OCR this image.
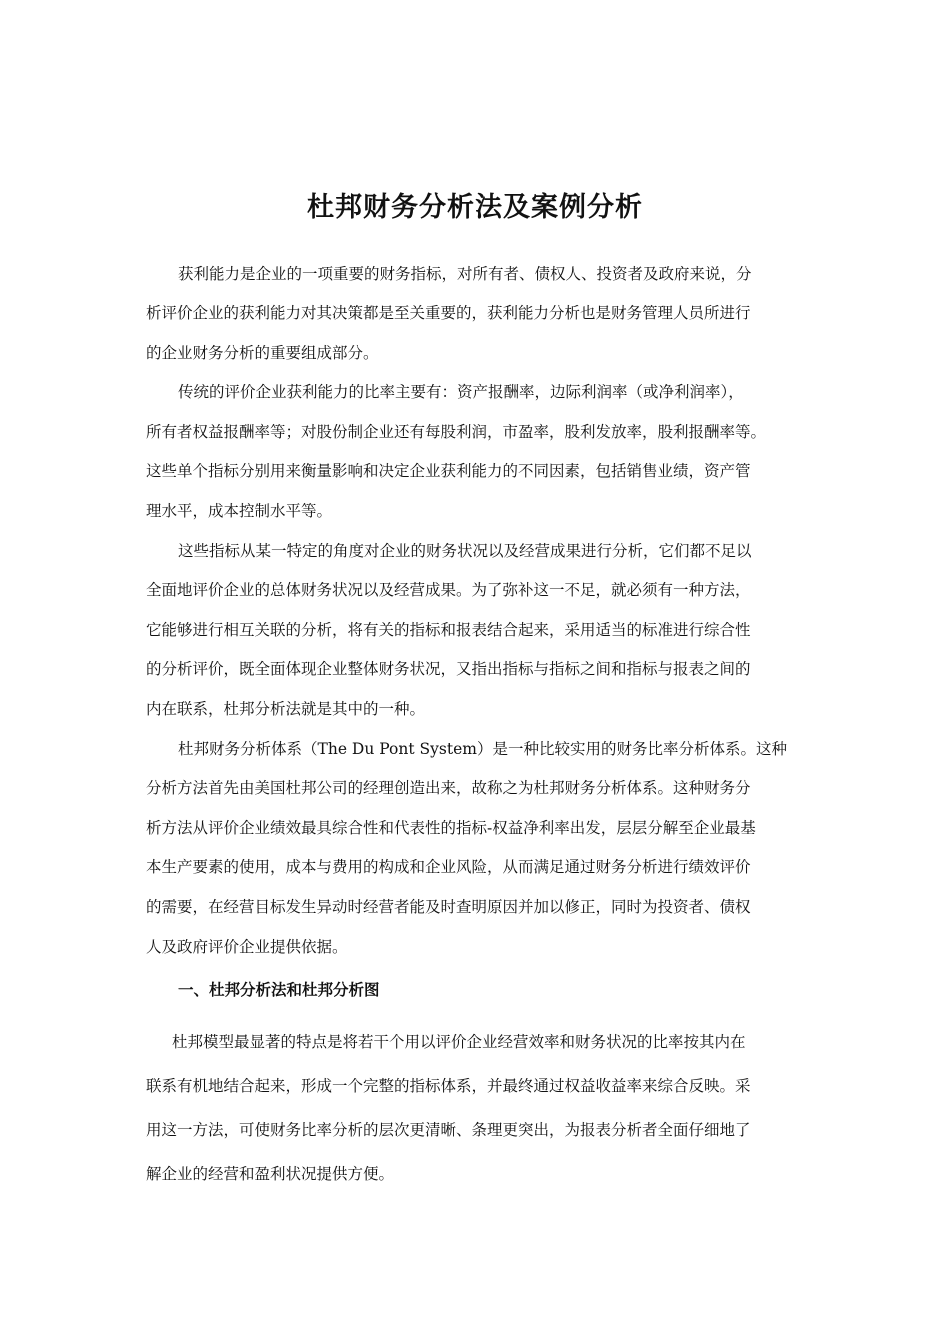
杜邦财务分析法及案例分析
获利能力是企业的一项重要的财务指标，对所有者、债权人、投资者及政府来说，分
析评价企业的获利能力对其决策都是至关重要的，获利能力分析也是财务管理人员所进行
的企业财务分析的重要组成部分。
传统的评价企业获利能力的比率主要有：资产报酬率，边际利润率（或净利润率），
所有者权益报酬率等；对股份制企业还有每股利润，市盈率，股利发放率，股利报酬率等。
这些单个指标分别用来衡量影响和决定企业获利能力的不同因素，包括销售业绩，资产管
理水平，成本控制水平等。
这些指标从某一特定的角度对企业的财务状况以及经营成果进行分析，它们都不足以
全面地评价企业的总体财务状况以及经营成果。为了弥补这一不足，就必须有一种方法，
它能够进行相互关联的分析，将有关的指标和报表结合起来，采用适当的标准进行综合性
的分析评价，既全面体现企业整体财务状况，又指出指标与指标之间和指标与报表之间的
内在联系，杜邦分析法就是其中的一种。
杜邦财务分析体系（The Du Pont System）是一种比较实用的财务比率分析体系。这种
分析方法首先由美国杜邦公司的经理创造出来，故称之为杜邦财务分析体系。这种财务分
析方法从评价企业绩效最具综合性和代表性的指标-权益净利率出发，层层分解至企业最基
本生产要素的使用，成本与费用的构成和企业风险，从而满足通过财务分析进行绩效评价
的需要，在经营目标发生异动时经营者能及时查明原因并加以修正，同时为投资者、债权
人及政府评价企业提供依据。
一、杜邦分析法和杜邦分析图
杜邦模型最显著的特点是将若干个用以评价企业经营效率和财务状况的比率按其内在
联系有机地结合起来，形成一个完整的指标体系，并最终通过权益收益率来综合反映。采
用这一方法，可使财务比率分析的层次更清晰、条理更突出，为报表分析者全面仔细地了
解企业的经营和盈利状况提供方便。
